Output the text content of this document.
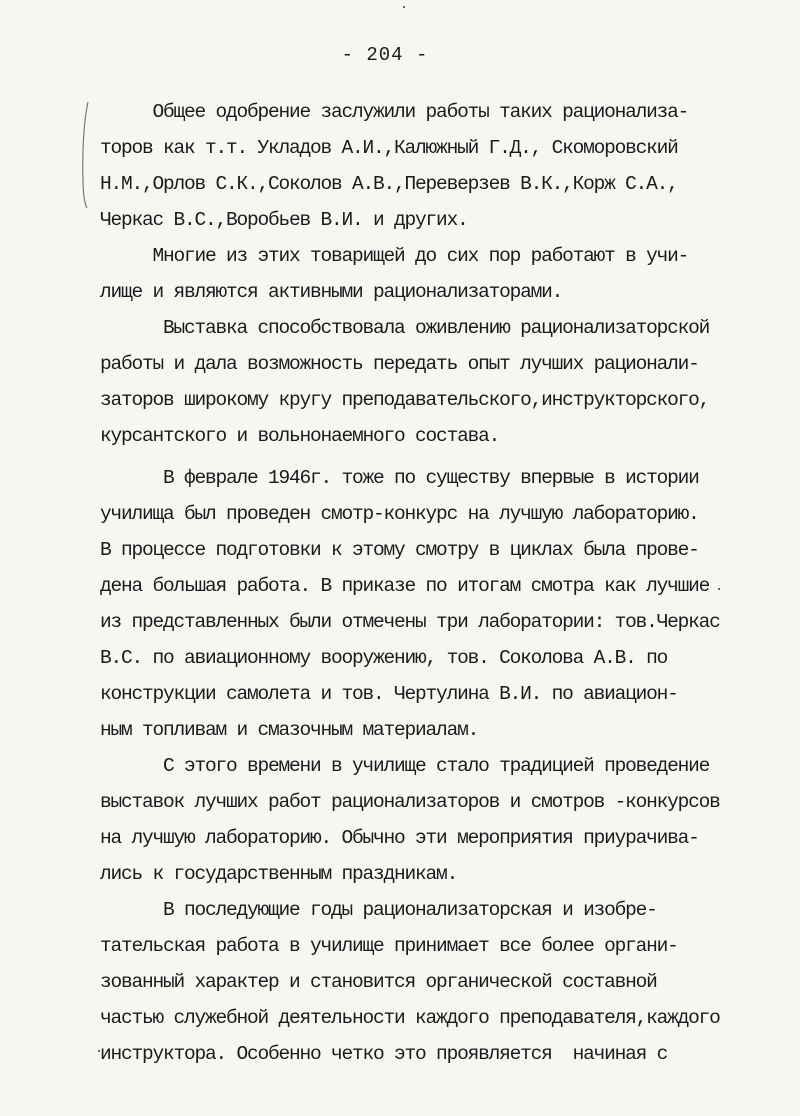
- 204 -
Общее одобрение заслужили работы таких рационализа-
торов как т.т. Укладов А.И.,Калюжный Г.Д., Скоморовский
Н.М.,Орлов С.К.,Соколов А.В.,Переверзев В.К.,Корж С.А.,
Черкас В.С.,Воробьев В.И. и других.
Многие из этих товарищей до сих пор работают в учи-
лище и являются активными рационализаторами.
Выставка способствовала оживлению рационализаторской
работы и дала возможность передать опыт лучших рационали-
заторов широкому кругу преподавательского,инструкторского,
курсантского и вольнонаемного состава.
В феврале 1946г. тоже по существу впервые в истории
училища был проведен смотр-конкурс на лучшую лабораторию.
В процессе подготовки к этому смотру в циклах была прове-
дена большая работа. В приказе по итогам смотра как лучшие
из представленных были отмечены три лаборатории: тов.Черкас
В.С. по авиационному вооружению, тов. Соколова А.В. по
конструкции самолета и тов. Чертулина В.И. по авиацион-
ным топливам и смазочным материалам.
С этого времени в училище стало традицией проведение
выставок лучших работ рационализаторов и смотров -конкурсов
на лучшую лабораторию. Обычно эти мероприятия приурачива-
лись к государственным праздникам.
В последующие годы рационализаторская и изобре-
тательская работа в училище принимает все более органи-
зованный характер и становится органической составной
частью служебной деятельности каждого преподавателя,каждого
инструктора. Особенно четко это проявляется  начиная с
